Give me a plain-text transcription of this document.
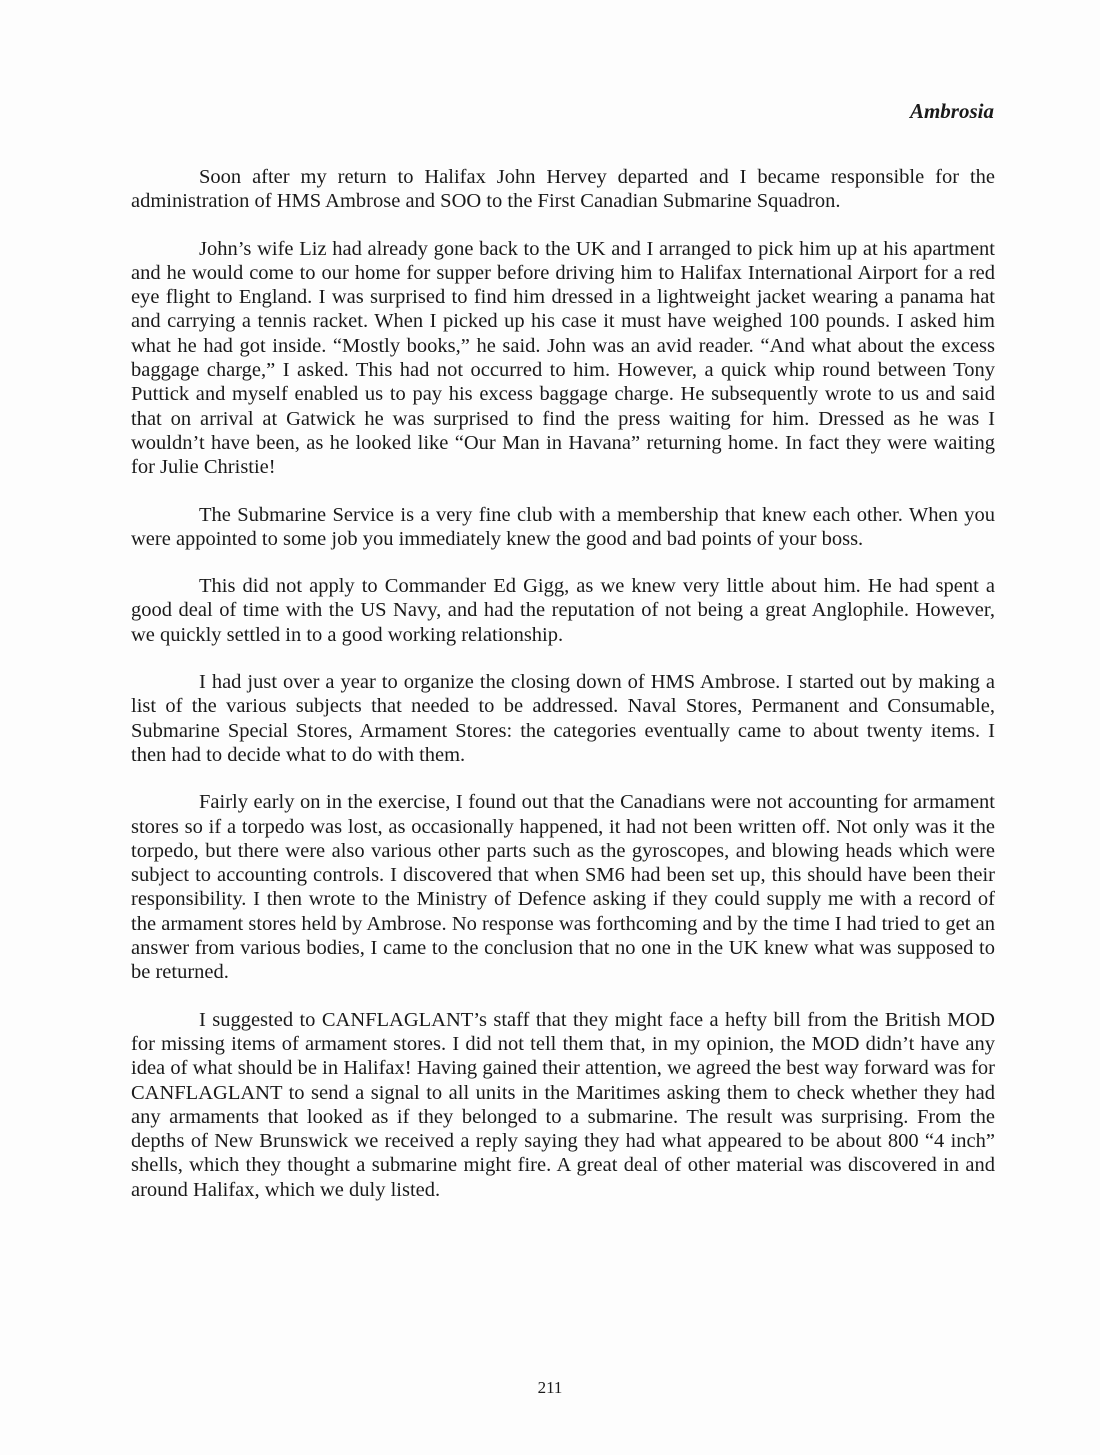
Ambrosia

Soon after my return to Halifax John Hervey departed and I became responsible for the administration of HMS Ambrose and SOO to the First Canadian Submarine Squadron.

John’s wife Liz had already gone back to the UK and I arranged to pick him up at his apartment and he would come to our home for supper before driving him to Halifax International Airport for a red eye flight to England. I was surprised to find him dressed in a lightweight jacket wearing a panama hat and carrying a tennis racket. When I picked up his case it must have weighed 100 pounds. I asked him what he had got inside. “Mostly books,” he said. John was an avid reader. “And what about the excess baggage charge,” I asked. This had not occurred to him. However, a quick whip round between Tony Puttick and myself enabled us to pay his excess baggage charge. He subsequently wrote to us and said that on arrival at Gatwick he was surprised to find the press waiting for him. Dressed as he was I wouldn’t have been, as he looked like “Our Man in Havana” returning home. In fact they were waiting for Julie Christie!

The Submarine Service is a very fine club with a membership that knew each other. When you were appointed to some job you immediately knew the good and bad points of your boss.

This did not apply to Commander Ed Gigg, as we knew very little about him. He had spent a good deal of time with the US Navy, and had the reputation of not being a great Anglophile. However, we quickly settled in to a good working relationship.

I had just over a year to organize the closing down of HMS Ambrose. I started out by making a list of the various subjects that needed to be addressed. Naval Stores, Permanent and Consumable, Submarine Special Stores, Armament Stores: the categories eventually came to about twenty items. I then had to decide what to do with them.

Fairly early on in the exercise, I found out that the Canadians were not accounting for armament stores so if a torpedo was lost, as occasionally happened, it had not been written off. Not only was it the torpedo, but there were also various other parts such as the gyroscopes, and blowing heads which were subject to accounting controls. I discovered that when SM6 had been set up, this should have been their responsibility. I then wrote to the Ministry of Defence asking if they could supply me with a record of the armament stores held by Ambrose. No response was forthcoming and by the time I had tried to get an answer from various bodies, I came to the conclusion that no one in the UK knew what was supposed to be returned.

I suggested to CANFLAGLANT’s staff that they might face a hefty bill from the British MOD for missing items of armament stores. I did not tell them that, in my opinion, the MOD didn’t have any idea of what should be in Halifax! Having gained their attention, we agreed the best way forward was for CANFLAGLANT to send a signal to all units in the Maritimes asking them to check whether they had any armaments that looked as if they belonged to a submarine. The result was surprising. From the depths of New Brunswick we received a reply saying they had what appeared to be about 800 “4 inch” shells, which they thought a submarine might fire. A great deal of other material was discovered in and around Halifax, which we duly listed.

211
